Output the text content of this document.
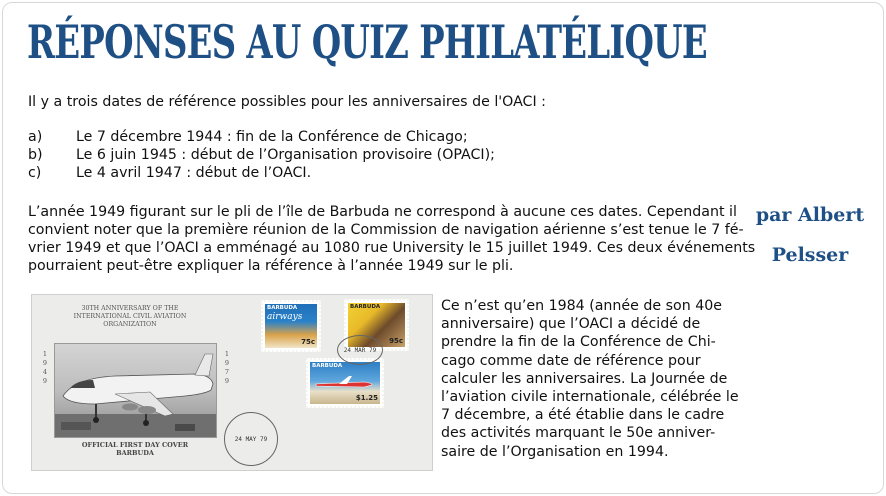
RÉPONSES AU QUIZ PHILATÉLIQUE
Il y a trois dates de référence possibles pour les anniversaires de l'OACI :
a)	Le 7 décembre 1944 : fin de la Conférence de Chicago;
b)	Le 6 juin 1945 : début de l’Organisation provisoire (OPACI);
c)	Le 4 avril 1947 : début de l’OACI.
L’année 1949 figurant sur le pli de l’île de Barbuda ne correspond à aucune ces dates. Cependant il
convient noter que la première réunion de la Commission de navigation aérienne s’est tenue le 7 fé-
vrier 1949 et que l’OACI a emménagé au 1080 rue University le 15 juillet 1949. Ces deux événements
pourraient peut-être expliquer la référence à l’année 1949 sur le pli.
par Albert
Pelsser
30TH ANNIVERSARY OF THE
INTERNATIONAL CIVIL AVIATION
ORGANIZATION
1
9
4
9
1
9
7
9
OFFICIAL FIRST DAY COVER
BARBUDA
BARBUDA
airways
75c
BARBUDA
95c
BARBUDA
$1.25
24 MAR 79
24 MAY 79
Ce n’est qu’en 1984 (année de son 40e
anniversaire) que l’OACI a décidé de
prendre la fin de la Conférence de Chi-
cago comme date de référence pour
calculer les anniversaires. La Journée de
l’aviation civile internationale, célébrée le
7 décembre, a été établie dans le cadre
des activités marquant le 50e anniver-
saire de l’Organisation en 1994.
